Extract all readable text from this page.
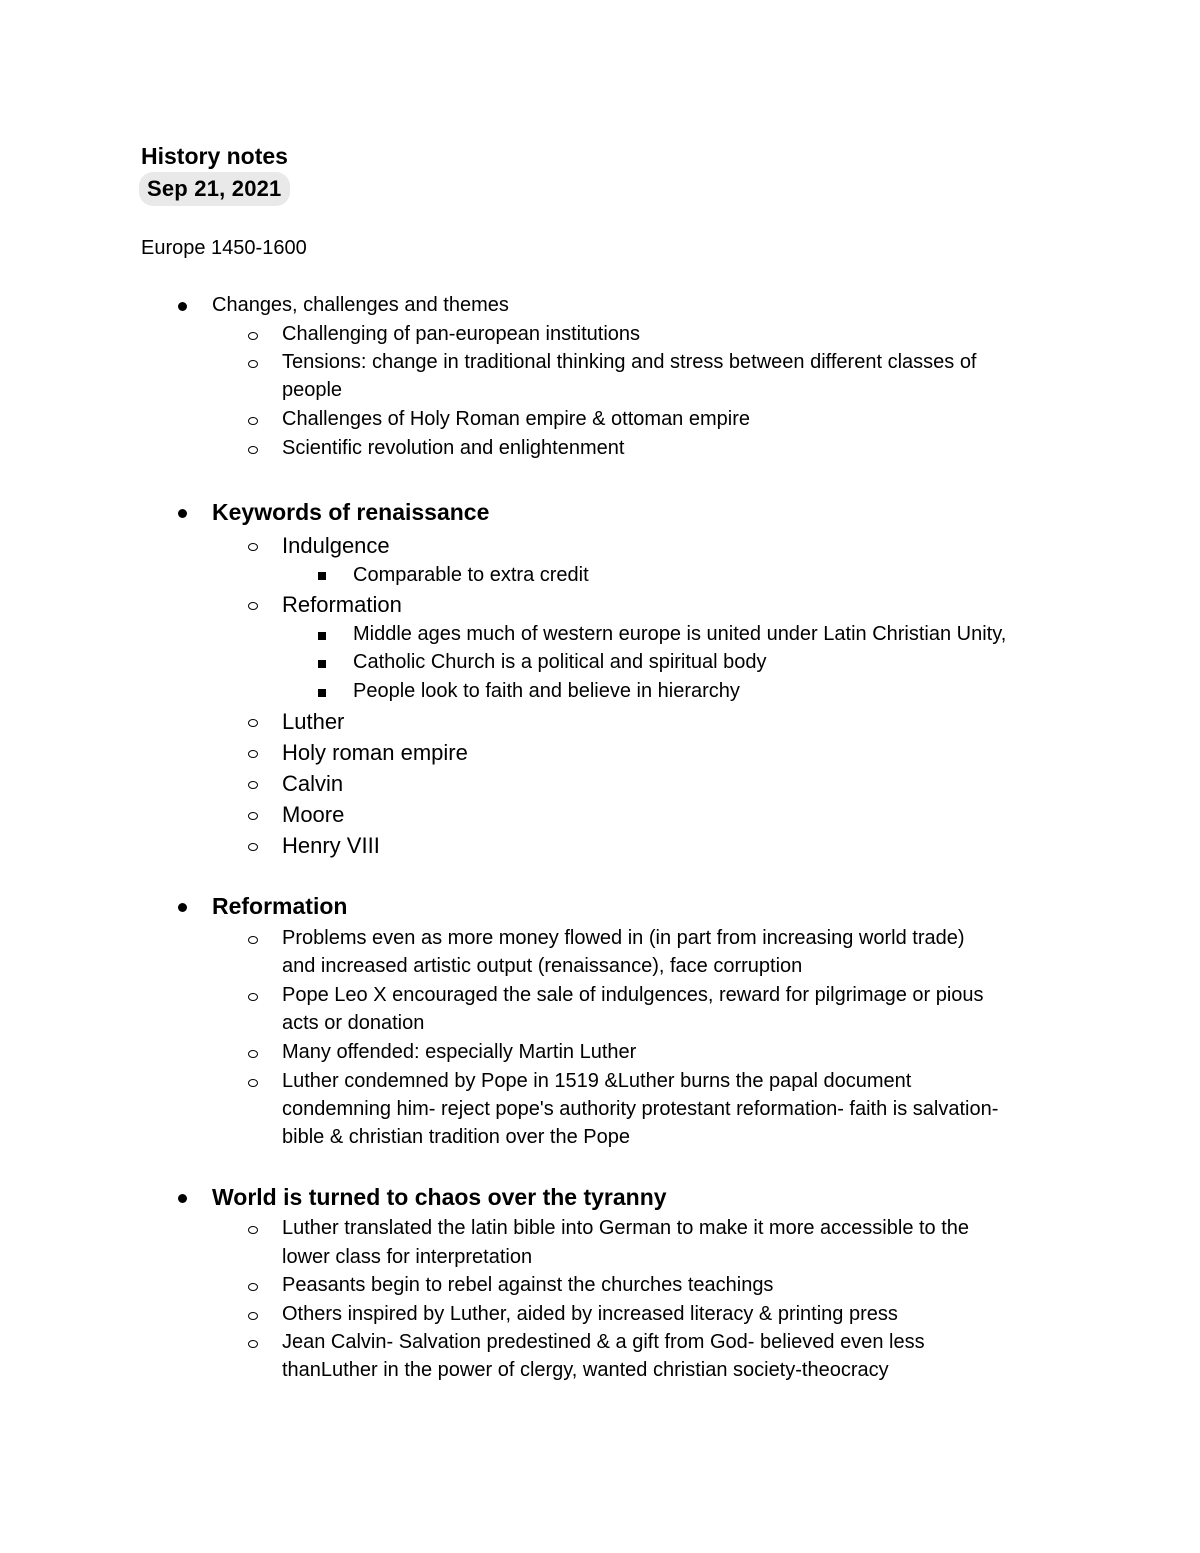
History notes
Sep 21, 2021
Europe 1450-1600
Changes, challenges and themes
Challenging of pan-european institutions
Tensions: change in traditional thinking and stress between different classes of
people
Challenges of Holy Roman empire & ottoman empire
Scientific revolution and enlightenment
Keywords of renaissance
Indulgence
Comparable to extra credit
Reformation
Middle ages much of western europe is united under Latin Christian Unity,
Catholic Church is a political and spiritual body
People look to faith and believe in hierarchy
Luther
Holy roman empire
Calvin
Moore
Henry VIII
Reformation
Problems even as more money flowed in (in part from increasing world trade)
and increased artistic output (renaissance), face corruption
Pope Leo X encouraged the sale of indulgences, reward for pilgrimage or pious
acts or donation
Many offended: especially Martin Luther
Luther condemned by Pope in 1519 &Luther burns the papal document
condemning him- reject pope's authority protestant reformation- faith is salvation-
bible & christian tradition over the Pope
World is turned to chaos over the tyranny
Luther translated the latin bible into German to make it more accessible to the
lower class for interpretation
Peasants begin to rebel against the churches teachings
Others inspired by Luther, aided by increased literacy & printing press
Jean Calvin- Salvation predestined & a gift from God- believed even less
thanLuther in the power of clergy, wanted christian society-theocracy
